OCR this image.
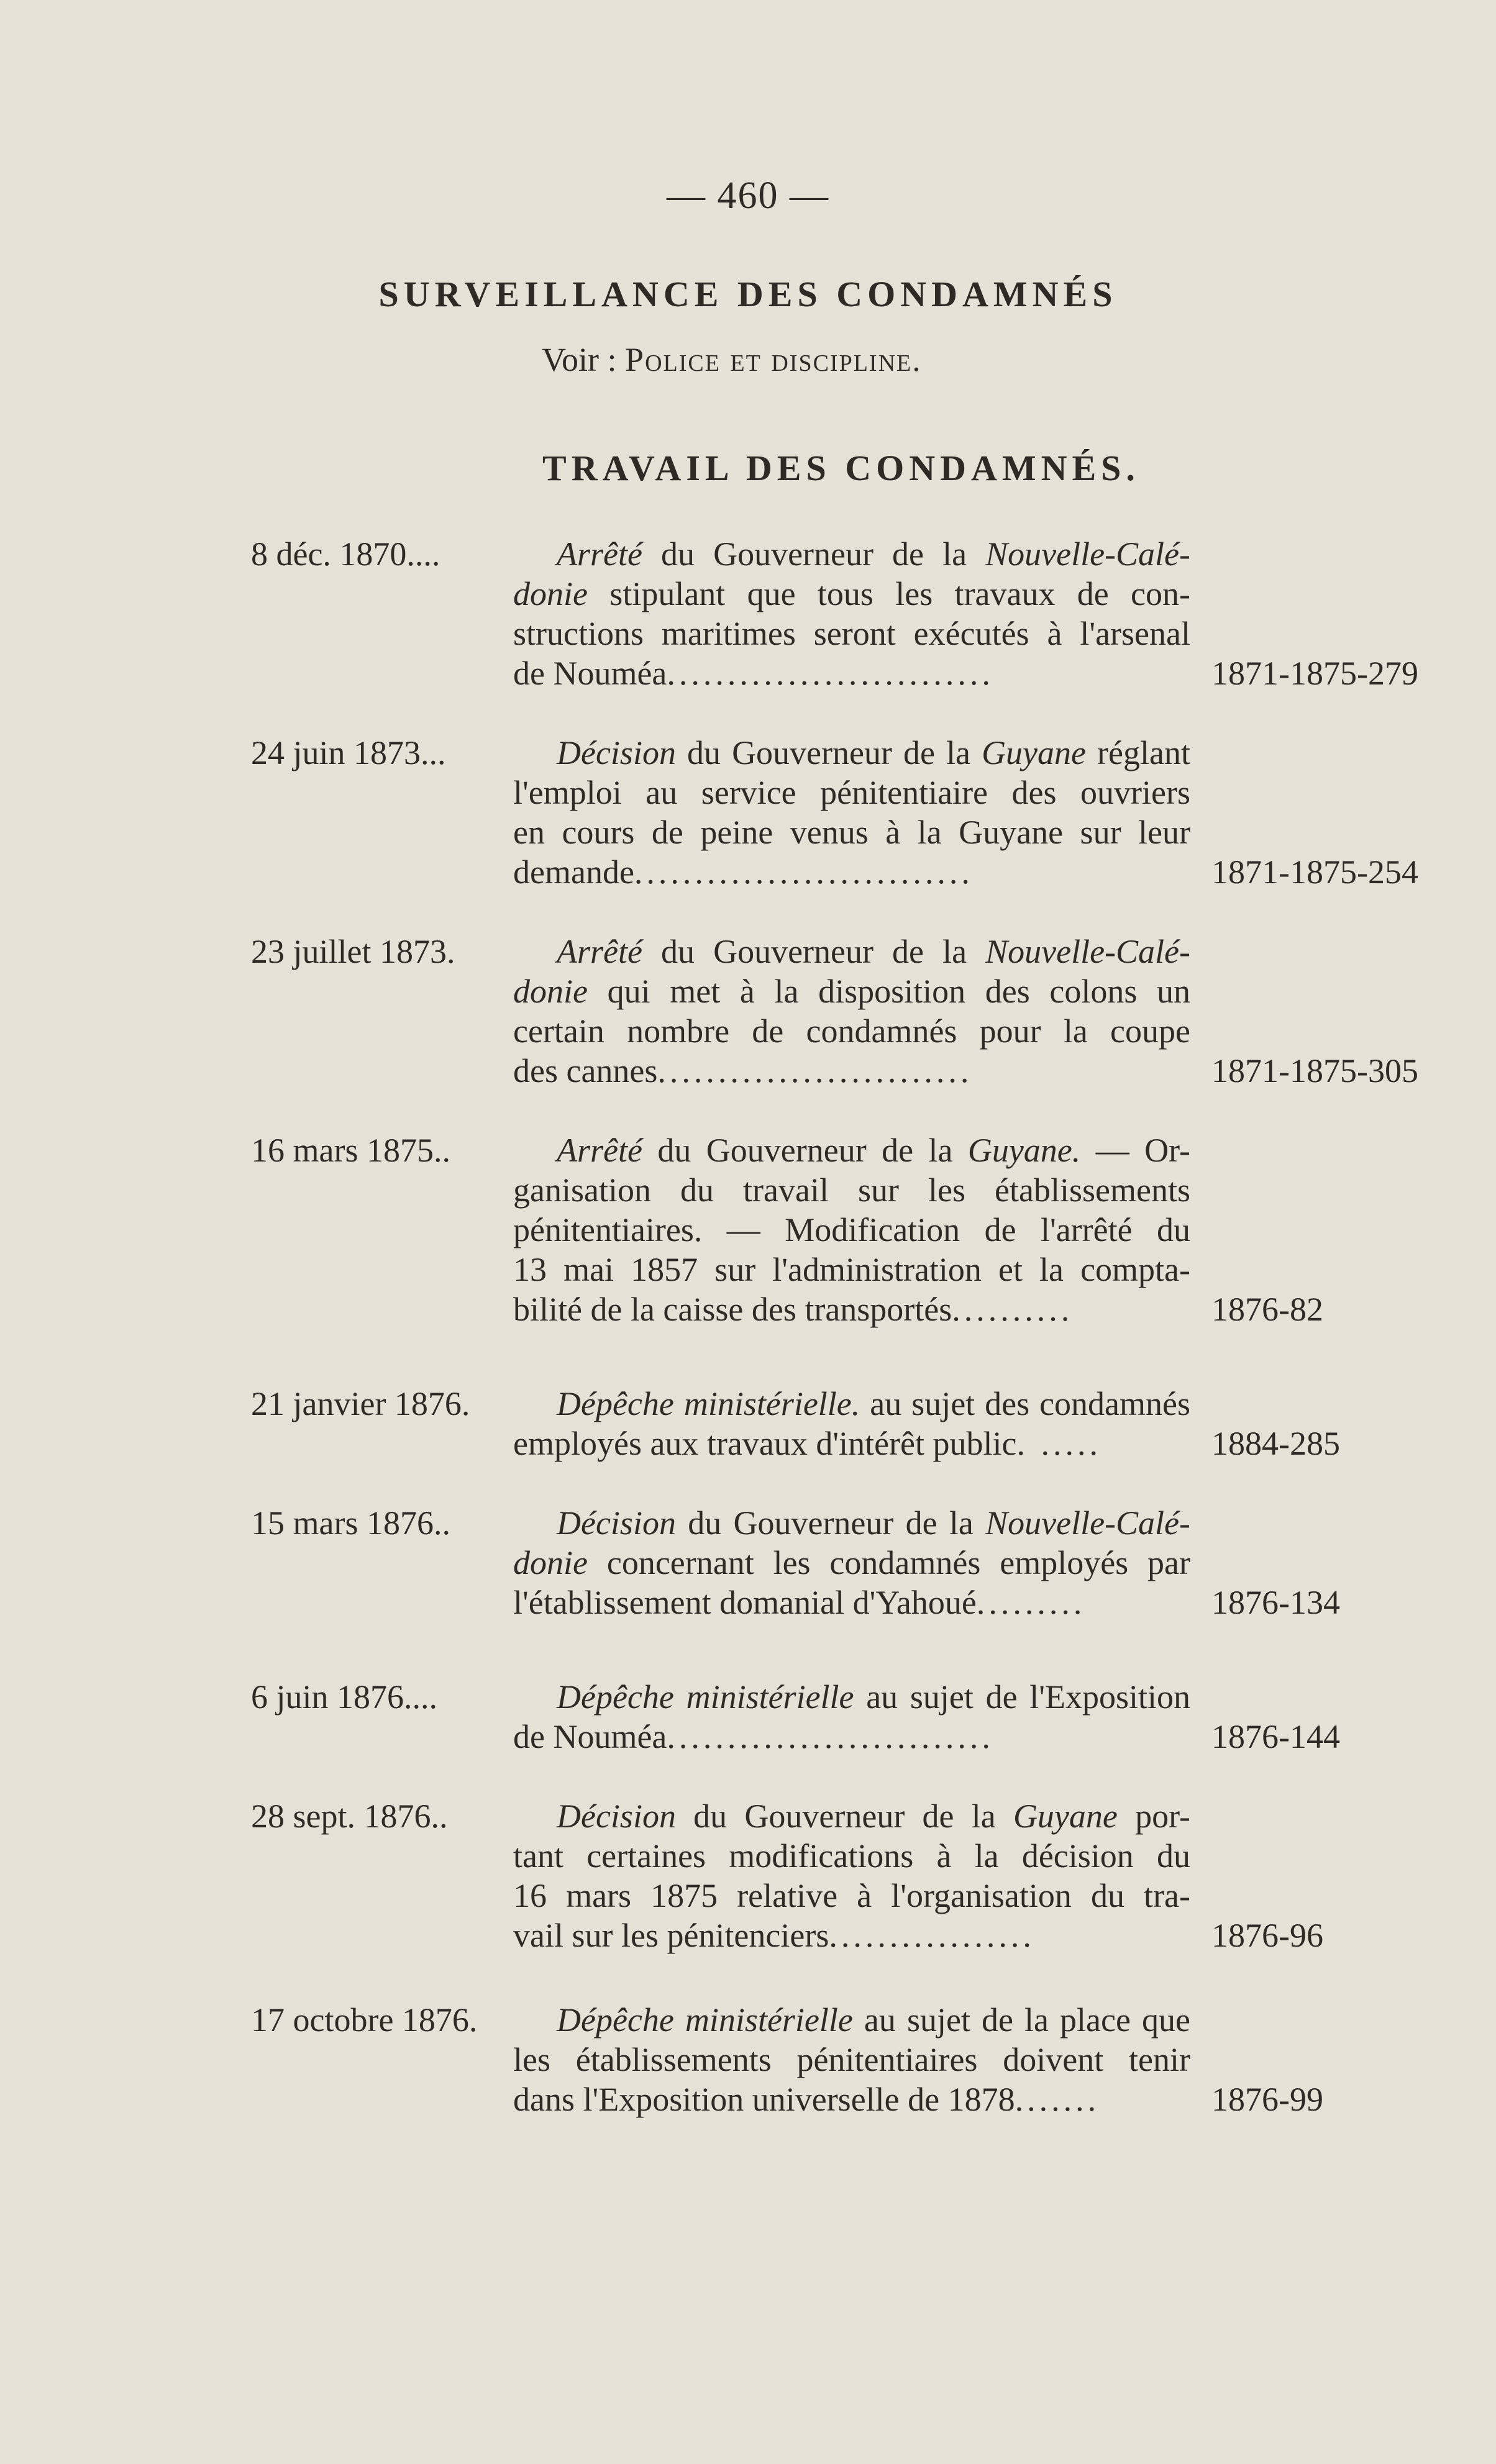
— 460 —
SURVEILLANCE DES CONDAMNÉS
Voir : Police et discipline.
TRAVAIL DES CONDAMNÉS.
8 déc. 1870....	Arrêté du Gouverneur de la Nouvelle-Calé-
donie stipulant que tous les travaux de con-
structions maritimes seront exécutés à l'arsenal
de Nouméa...........................	1871-1875-279
24 juin 1873...	Décision du Gouverneur de la Guyane réglant
l'emploi au service pénitentiaire des ouvriers
en cours de peine venus à la Guyane sur leur
demande............................	1871-1875-254
23 juillet 1873.	Arrêté du Gouverneur de la Nouvelle-Calé-
donie qui met à la disposition des colons un
certain nombre de condamnés pour la coupe
des cannes..........................	1871-1875-305
16 mars 1875..	Arrêté du Gouverneur de la Guyane. — Or-
ganisation du travail sur les établissements
pénitentiaires. — Modification de l'arrêté du
13 mai 1857 sur l'administration et la compta-
bilité de la caisse des transportés..........	1876-82
21 janvier 1876.	Dépêche ministérielle. au sujet des condamnés
employés aux travaux d'intérêt public. .....	1884-285
15 mars 1876..	Décision du Gouverneur de la Nouvelle-Calé-
donie concernant les condamnés employés par
l'établissement domanial d'Yahoué.........	1876-134
6 juin 1876....	Dépêche ministérielle au sujet de l'Exposition
de Nouméa...........................	1876-144
28 sept. 1876..	Décision du Gouverneur de la Guyane por-
tant certaines modifications à la décision du
16 mars 1875 relative à l'organisation du tra-
vail sur les pénitenciers.................	1876-96
17 octobre 1876.	Dépêche ministérielle au sujet de la place que
les établissements pénitentiaires doivent tenir
dans l'Exposition universelle de 1878.......	1876-99
